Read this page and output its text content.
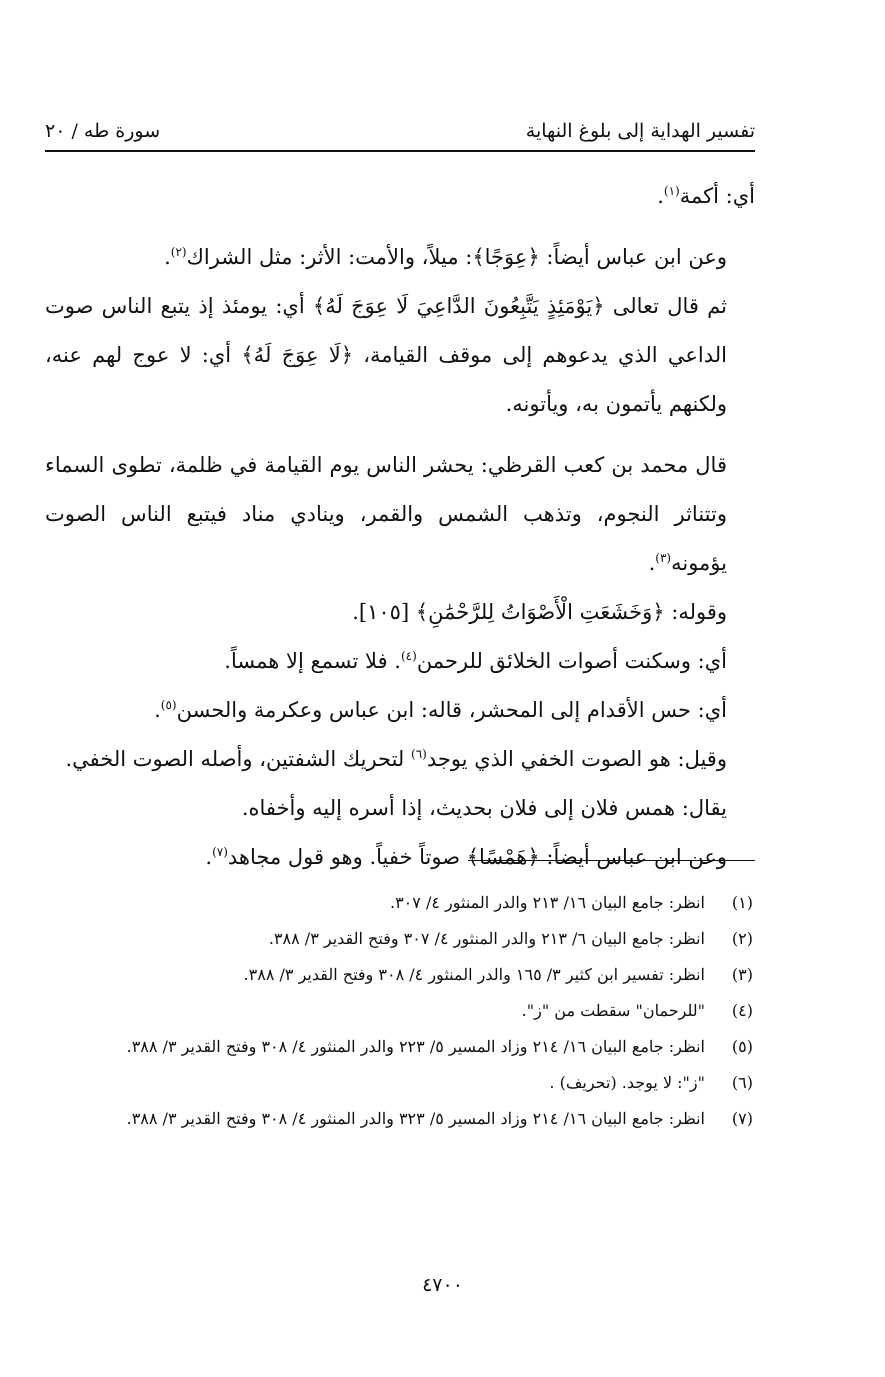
تفسير الهداية إلى بلوغ النهاية
سورة طه / ٢٠

أي: أكمة$^{(١)}$.

وعن ابن عباس أيضاً: ﴿عِوَجًا﴾: ميلاً، والأمت: الأثر: مثل الشراك$^{(٢)}$.

ثم قال تعالى ﴿يَوْمَئِذٍ يَتَّبِعُونَ الدَّاعِيَ لَا عِوَجَ لَهُ﴾ أي: يومئذ إذ يتبع الناس صوت الداعي الذي يدعوهم إلى موقف القيامة، ﴿لَا عِوَجَ لَهُ﴾ أي: لا عوج لهم عنه، ولكنهم يأتمون به، ويأتونه.

قال محمد بن كعب القرظي: يحشر الناس يوم القيامة في ظلمة، تطوى السماء وتتناثر النجوم، وتذهب الشمس والقمر، وينادي مناد فيتبع الناس الصوت يؤمونه$^{(٣)}$.

وقوله: ﴿وَخَشَعَتِ الْأَصْوَاتُ لِلرَّحْمَٰنِ﴾ [١٠٥].

أي: وسكنت أصوات الخلائق للرحمن$^{(٤)}$. فلا تسمع إلا همساً.

أي: حس الأقدام إلى المحشر، قاله: ابن عباس وعكرمة والحسن$^{(٥)}$.

وقيل: هو الصوت الخفي الذي يوجد$^{(٦)}$ لتحريك الشفتين، وأصله الصوت الخفي.

يقال: همس فلان إلى فلان بحديث، إذا أسره إليه وأخفاه.

وعن ابن عباس أيضاً: ﴿هَمْسًا﴾ صوتاً خفياً. وهو قول مجاهد$^{(٧)}$.

(١)
انظر: جامع البيان ١٦/ ٢١٣ والدر المنثور ٤/ ٣٠٧.
(٢)
انظر: جامع البيان ٦/ ٢١٣ والدر المنثور ٤/ ٣٠٧ وفتح القدير ٣/ ٣٨٨.
(٣)
انظر: تفسير ابن كثير ٣/ ١٦٥ والدر المنثور ٤/ ٣٠٨ وفتح القدير ٣/ ٣٨٨.
(٤)
"للرحمان" سقطت من "ز".
(٥)
انظر: جامع البيان ١٦/ ٢١٤ وزاد المسير ٥/ ٢٢٣ والدر المنثور ٤/ ٣٠٨ وفتح القدير ٣/ ٣٨٨.
(٦)
"ز": لا يوجد. (تحريف) .
(٧)
انظر: جامع البيان ١٦/ ٢١٤ وزاد المسير ٥/ ٣٢٣ والدر المنثور ٤/ ٣٠٨ وفتح القدير ٣/ ٣٨٨.
٤٧٠٠
